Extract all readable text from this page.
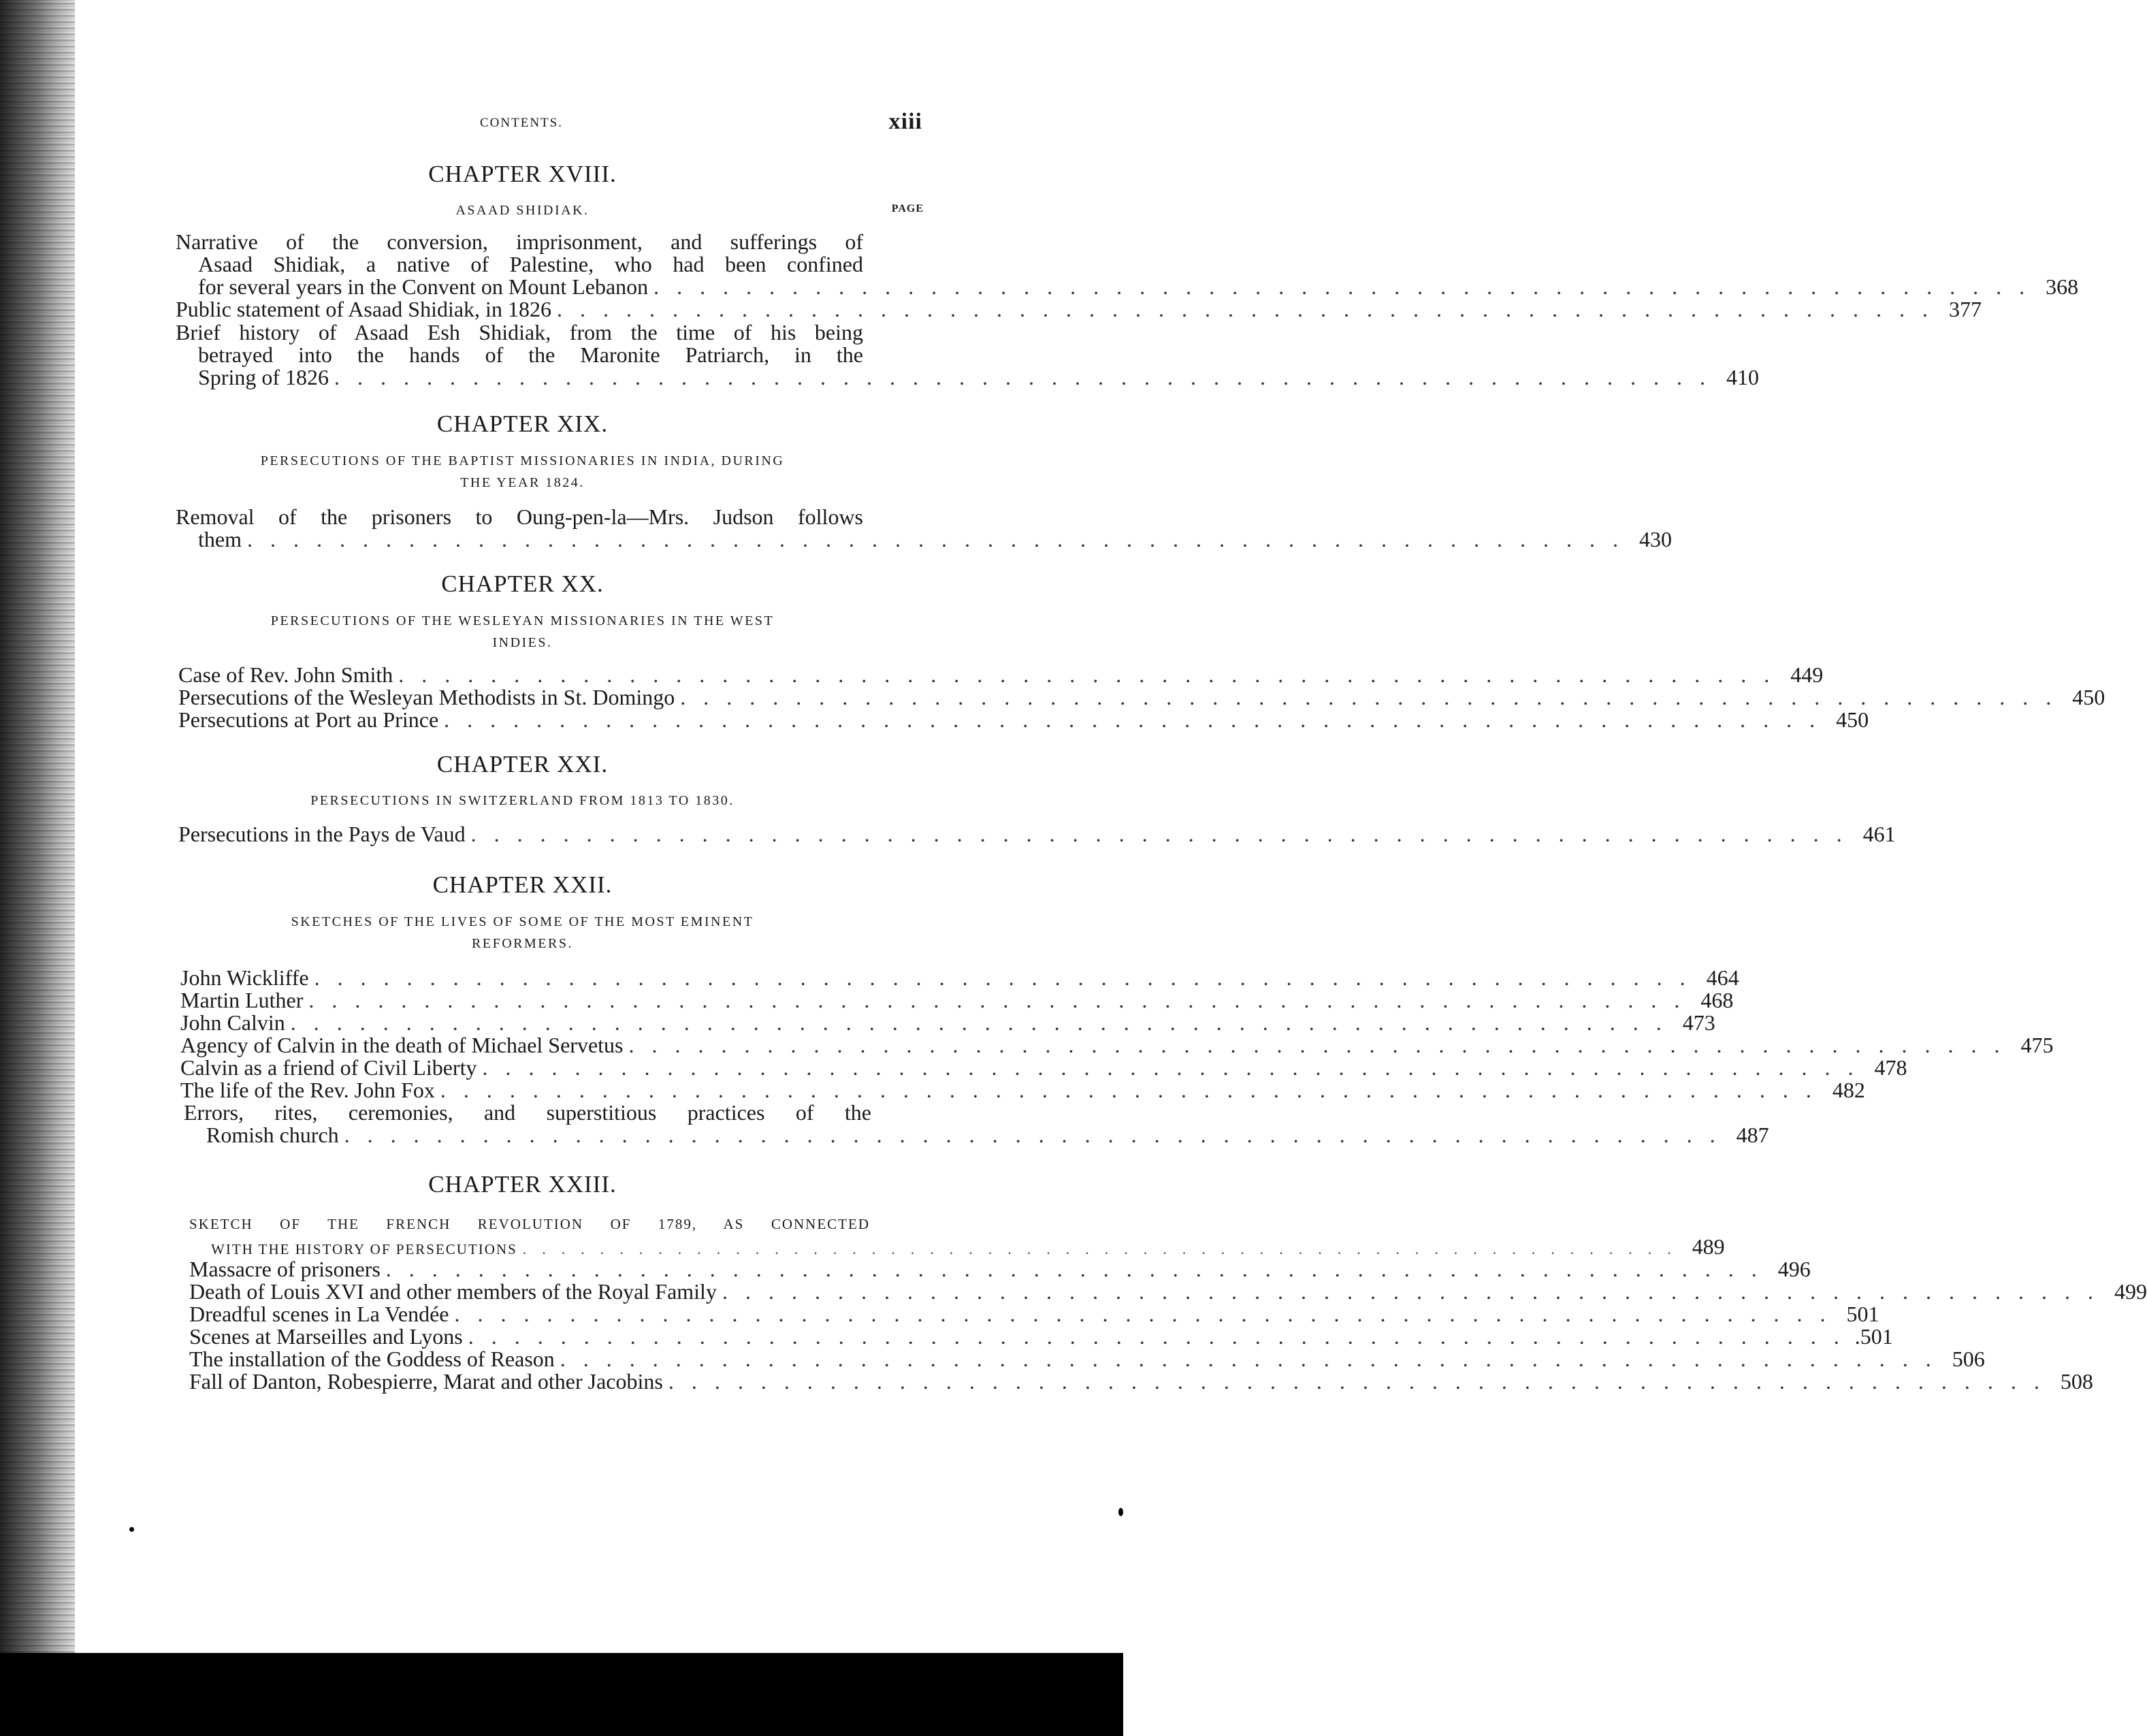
CONTENTS.	xiii
CHAPTER XVIII.
ASAAD SHIDIAK.	PAGE
Narrative of the conversion, imprisonment, and sufferings of
Asaad Shidiak, a native of Palestine, who had been confined
for several years in the Convent on Mount Lebanon . . . . . . . . . . . . . . . . . . . . . . . . . . . . . . . . . . . . . . . . . . . . . . . . . . . . . . . . . . . . 368
Public statement of Asaad Shidiak, in 1826 . . . . . . . . . . . . . . . . . . . . . . . . . . . . . . . . . . . . . . . . . . . . . . . . . . . . . . . . . . . . 377
Brief history of Asaad Esh Shidiak, from the time of his being
betrayed into the hands of the Maronite Patriarch, in the
Spring of 1826 . . . . . . . . . . . . . . . . . . . . . . . . . . . . . . . . . . . . . . . . . . . . . . . . . . . . . . . . . . . . 410
CHAPTER XIX.
PERSECUTIONS OF THE BAPTIST MISSIONARIES IN INDIA, DURING
THE YEAR 1824.
Removal of the prisoners to Oung-pen-la—Mrs. Judson follows
them . . . . . . . . . . . . . . . . . . . . . . . . . . . . . . . . . . . . . . . . . . . . . . . . . . . . . . . . . . . . 430
CHAPTER XX.
PERSECUTIONS OF THE WESLEYAN MISSIONARIES IN THE WEST
INDIES.
Case of Rev. John Smith . . . . . . . . . . . . . . . . . . . . . . . . . . . . . . . . . . . . . . . . . . . . . . . . . . . . . . . . . . . . 449
Persecutions of the Wesleyan Methodists in St. Domingo . . . . . . . . . . . . . . . . . . . . . . . . . . . . . . . . . . . . . . . . . . . . . . . . . . . . . . . . . . . . 450
Persecutions at Port au Prince . . . . . . . . . . . . . . . . . . . . . . . . . . . . . . . . . . . . . . . . . . . . . . . . . . . . . . . . . . . . 450
CHAPTER XXI.
PERSECUTIONS IN SWITZERLAND FROM 1813 TO 1830.
Persecutions in the Pays de Vaud . . . . . . . . . . . . . . . . . . . . . . . . . . . . . . . . . . . . . . . . . . . . . . . . . . . . . . . . . . . . 461
CHAPTER XXII.
SKETCHES OF THE LIVES OF SOME OF THE MOST EMINENT
REFORMERS.
John Wickliffe . . . . . . . . . . . . . . . . . . . . . . . . . . . . . . . . . . . . . . . . . . . . . . . . . . . . . . . . . . . . 464
Martin Luther . . . . . . . . . . . . . . . . . . . . . . . . . . . . . . . . . . . . . . . . . . . . . . . . . . . . . . . . . . . . 468
John Calvin . . . . . . . . . . . . . . . . . . . . . . . . . . . . . . . . . . . . . . . . . . . . . . . . . . . . . . . . . . . . 473
Agency of Calvin in the death of Michael Servetus . . . . . . . . . . . . . . . . . . . . . . . . . . . . . . . . . . . . . . . . . . . . . . . . . . . . . . . . . . . . 475
Calvin as a friend of Civil Liberty . . . . . . . . . . . . . . . . . . . . . . . . . . . . . . . . . . . . . . . . . . . . . . . . . . . . . . . . . . . . 478
The life of the Rev. John Fox . . . . . . . . . . . . . . . . . . . . . . . . . . . . . . . . . . . . . . . . . . . . . . . . . . . . . . . . . . . . 482
Errors, rites, ceremonies, and superstitious practices of the
Romish church . . . . . . . . . . . . . . . . . . . . . . . . . . . . . . . . . . . . . . . . . . . . . . . . . . . . . . . . . . . . 487
CHAPTER XXIII.
SKETCH OF THE FRENCH REVOLUTION OF 1789, AS CONNECTED
WITH THE HISTORY OF PERSECUTIONS . . . . . . . . . . . . . . . . . . . . . . . . . . . . . . . . . . . . . . . . . . . . . . . . . . . . . . . . . . . . 489
Massacre of prisoners . . . . . . . . . . . . . . . . . . . . . . . . . . . . . . . . . . . . . . . . . . . . . . . . . . . . . . . . . . . . 496
Death of Louis XVI and other members of the Royal Family . . . . . . . . . . . . . . . . . . . . . . . . . . . . . . . . . . . . . . . . . . . . . . . . . . . . . . . . . . . . 499
Dreadful scenes in La Vendée . . . . . . . . . . . . . . . . . . . . . . . . . . . . . . . . . . . . . . . . . . . . . . . . . . . . . . . . . . . . 501
Scenes at Marseilles and Lyons . . . . . . . . . . . . . . . . . . . . . . . . . . . . . . . . . . . . . . . . . . . . . . . . . . . . . . . . . . . . .501
The installation of the Goddess of Reason . . . . . . . . . . . . . . . . . . . . . . . . . . . . . . . . . . . . . . . . . . . . . . . . . . . . . . . . . . . . 506
Fall of Danton, Robespierre, Marat and other Jacobins . . . . . . . . . . . . . . . . . . . . . . . . . . . . . . . . . . . . . . . . . . . . . . . . . . . . . . . . . . . . 508
